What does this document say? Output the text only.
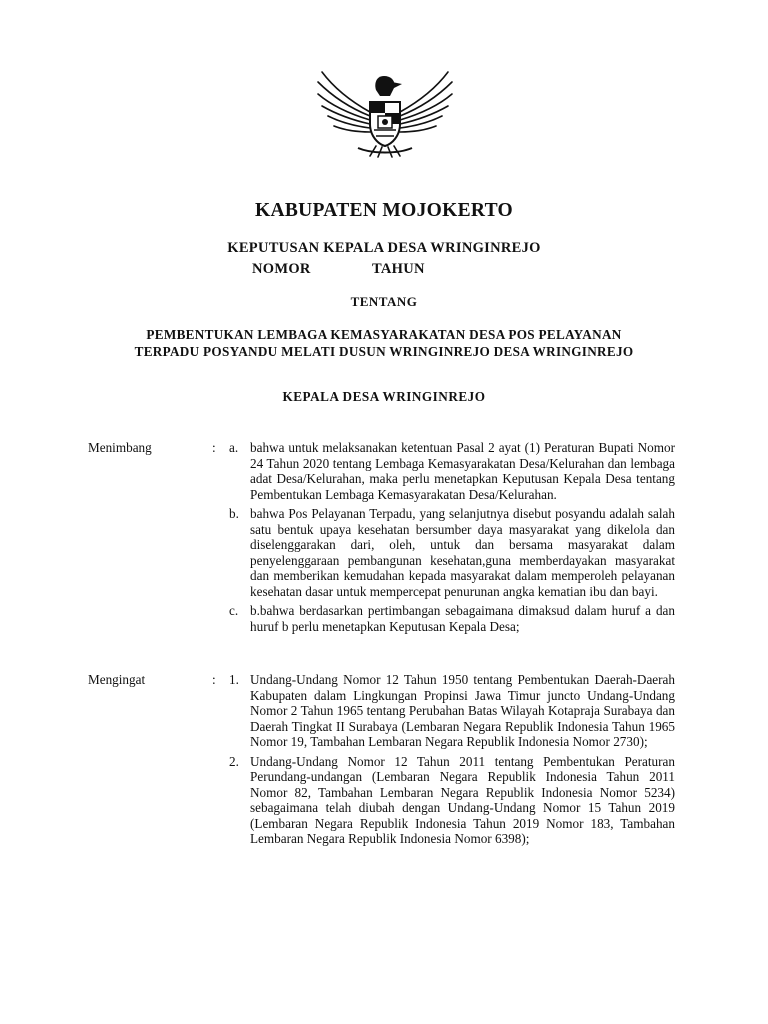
KABUPATEN MOJOKERTO
KEPUTUSAN KEPALA DESA WRINGINREJO
NOMOR	TAHUN
TENTANG
PEMBENTUKAN LEMBAGA KEMASYARAKATAN DESA POS PELAYANAN
TERPADU POSYANDU MELATI DUSUN WRINGINREJO DESA WRINGINREJO
KEPALA DESA WRINGINREJO
Menimbang	: a. bahwa untuk melaksanakan ketentuan Pasal 2 ayat (1) Peraturan Bupati Nomor 24 Tahun 2020 tentang Lembaga Kemasyarakatan Desa/Kelurahan dan lembaga adat Desa/Kelurahan, maka perlu menetapkan Keputusan Kepala Desa tentang Pembentukan Lembaga Kemasyarakatan Desa/Kelurahan.
b. bahwa Pos Pelayanan Terpadu, yang selanjutnya disebut posyandu adalah salah satu bentuk upaya kesehatan bersumber daya masyarakat yang dikelola dan diselenggarakan dari, oleh, untuk dan bersama masyarakat dalam penyelenggaraan pembangunan kesehatan,guna memberdayakan masyarakat dan memberikan kemudahan kepada masyarakat dalam memperoleh pelayanan kesehatan dasar untuk mempercepat penurunan angka kematian ibu dan bayi.
c. b.bahwa berdasarkan pertimbangan sebagaimana dimaksud dalam huruf a dan huruf b perlu menetapkan Keputusan Kepala Desa;
Mengingat	: 1. Undang-Undang Nomor 12 Tahun 1950 tentang Pembentukan Daerah-Daerah Kabupaten dalam Lingkungan Propinsi Jawa Timur juncto Undang-Undang Nomor 2 Tahun 1965 tentang Perubahan Batas Wilayah Kotapraja Surabaya dan Daerah Tingkat II Surabaya (Lembaran Negara Republik Indonesia Tahun 1965 Nomor 19, Tambahan Lembaran Negara Republik Indonesia Nomor 2730);
2. Undang-Undang Nomor 12 Tahun 2011 tentang Pembentukan Peraturan Perundang-undangan (Lembaran Negara Republik Indonesia Tahun 2011 Nomor 82, Tambahan Lembaran Negara Republik Indonesia Nomor 5234) sebagaimana telah diubah dengan Undang-Undang Nomor 15 Tahun 2019 (Lembaran Negara Republik Indonesia Tahun 2019 Nomor 183, Tambahan Lembaran Negara Republik Indonesia Nomor 6398);
